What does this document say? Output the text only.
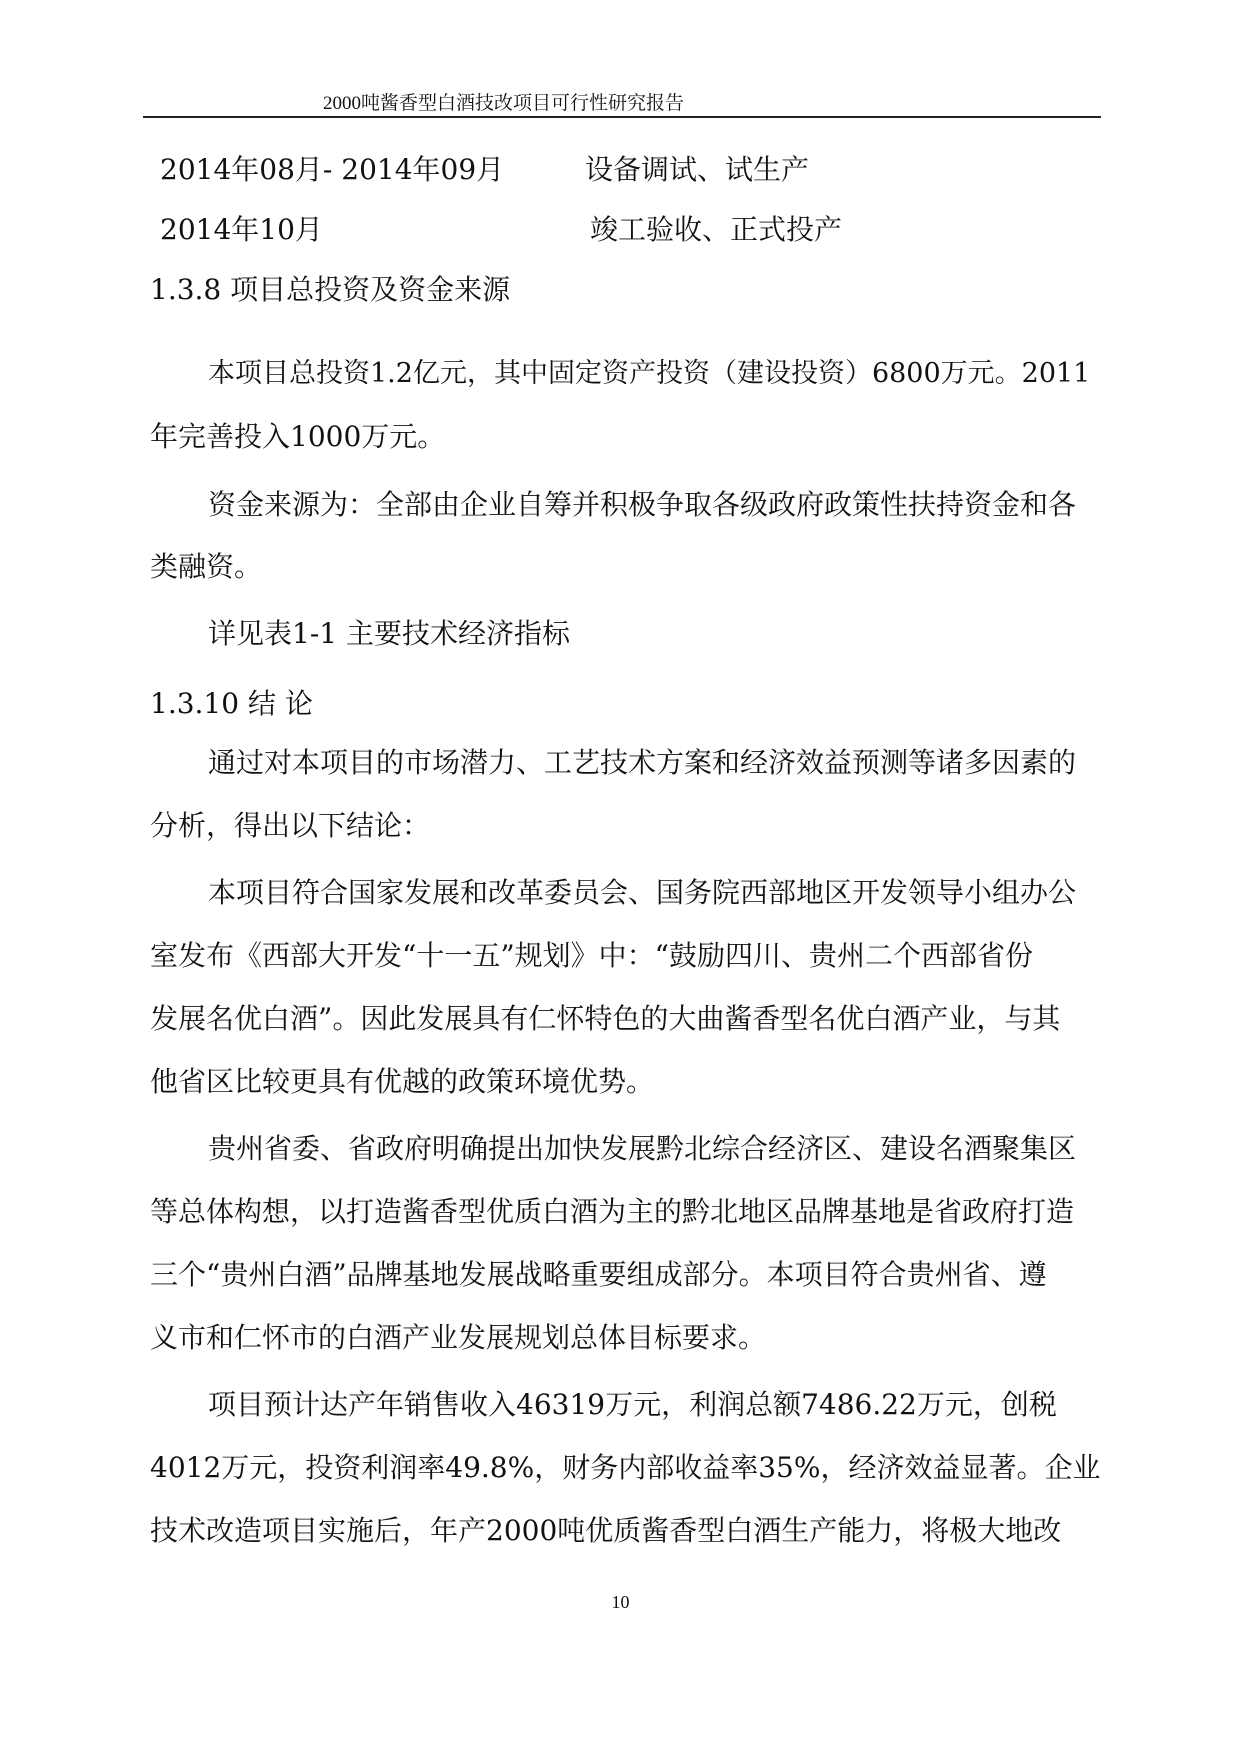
2000吨酱香型白酒技改项目可行性研究报告
2014年08月- 2014年09月	设备调试、试生产
2014年10月	竣工验收、正式投产
1.3.8 项目总投资及资金来源
本项目总投资1.2亿元，其中固定资产投资（建设投资）6800万元。2011
年完善投入1000万元。
资金来源为：全部由企业自筹并积极争取各级政府政策性扶持资金和各
类融资。
详见表1-1 主要技术经济指标
1.3.10 结 论
通过对本项目的市场潜力、工艺技术方案和经济效益预测等诸多因素的
分析，得出以下结论：
本项目符合国家发展和改革委员会、国务院西部地区开发领导小组办公
室发布《西部大开发“十一五”规划》中：“鼓励四川、贵州二个西部省份
发展名优白酒”。因此发展具有仁怀特色的大曲酱香型名优白酒产业，与其
他省区比较更具有优越的政策环境优势。
贵州省委、省政府明确提出加快发展黔北综合经济区、建设名酒聚集区
等总体构想，以打造酱香型优质白酒为主的黔北地区品牌基地是省政府打造
三个“贵州白酒”品牌基地发展战略重要组成部分。本项目符合贵州省、遵
义市和仁怀市的白酒产业发展规划总体目标要求。
项目预计达产年销售收入46319万元，利润总额7486.22万元，创税
4012万元，投资利润率49.8%，财务内部收益率35%，经济效益显著。企业
技术改造项目实施后，年产2000吨优质酱香型白酒生产能力，将极大地改
10
